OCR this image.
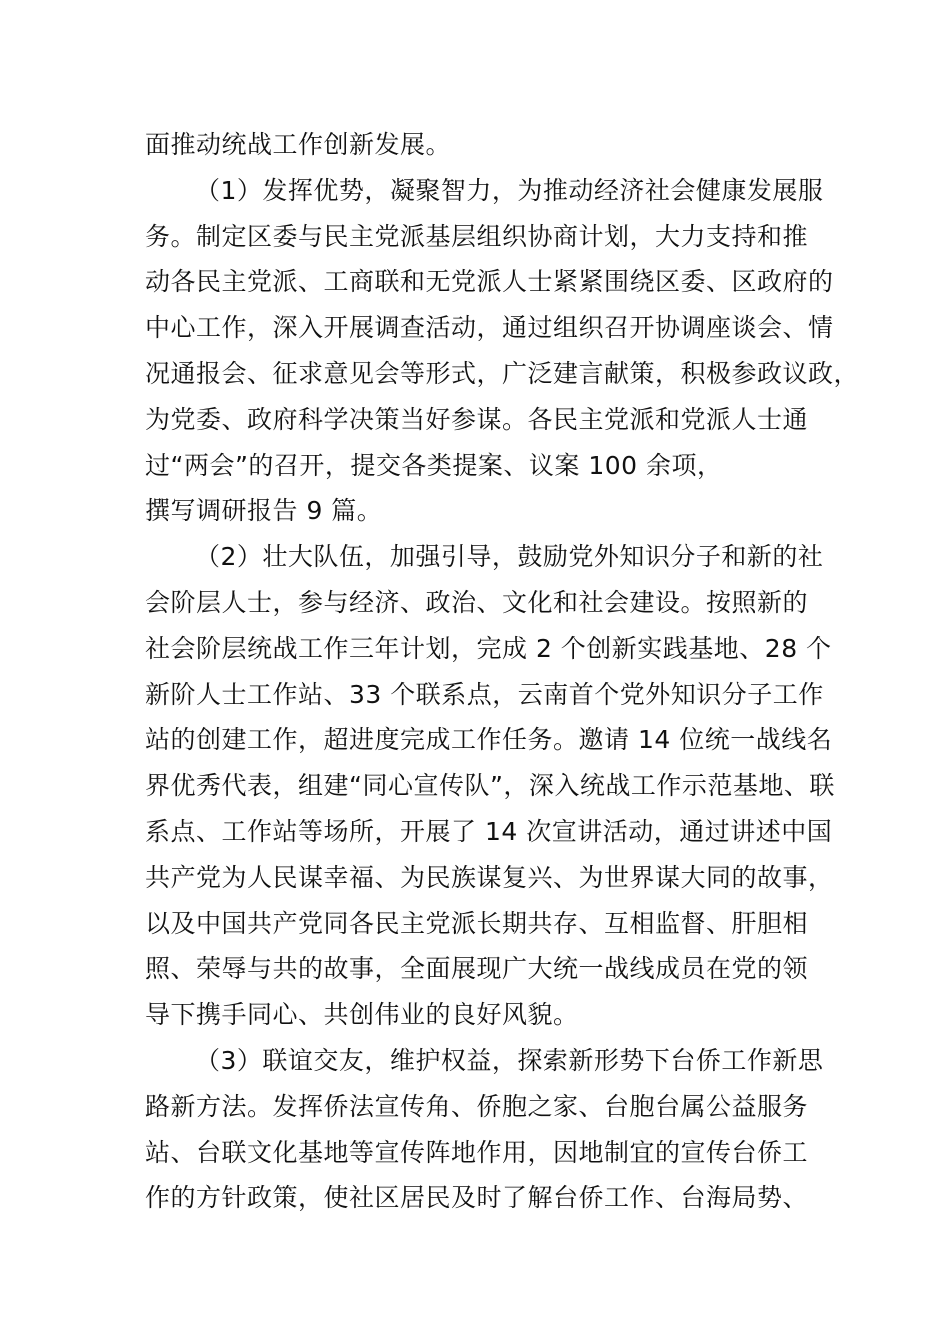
面推动统战工作创新发展。
（1）发挥优势，凝聚智力，为推动经济社会健康发展服
务。制定区委与民主党派基层组织协商计划，大力支持和推
动各民主党派、工商联和无党派人士紧紧围绕区委、区政府的
中心工作，深入开展调查活动，通过组织召开协调座谈会、情
况通报会、征求意见会等形式，广泛建言献策，积极参政议政，
为党委、政府科学决策当好参谋。各民主党派和党派人士通
过“两会”的召开，提交各类提案、议案 100 余项，
撰写调研报告 9 篇。
（2）壮大队伍，加强引导，鼓励党外知识分子和新的社
会阶层人士，参与经济、政治、文化和社会建设。按照新的
社会阶层统战工作三年计划，完成 2 个创新实践基地、28 个
新阶人士工作站、33 个联系点，云南首个党外知识分子工作
站的创建工作，超进度完成工作任务。邀请 14 位统一战线名
界优秀代表，组建“同心宣传队”，深入统战工作示范基地、联
系点、工作站等场所，开展了 14 次宣讲活动，通过讲述中国
共产党为人民谋幸福、为民族谋复兴、为世界谋大同的故事，
以及中国共产党同各民主党派长期共存、互相监督、肝胆相
照、荣辱与共的故事，全面展现广大统一战线成员在党的领
导下携手同心、共创伟业的良好风貌。
（3）联谊交友，维护权益，探索新形势下台侨工作新思
路新方法。发挥侨法宣传角、侨胞之家、台胞台属公益服务
站、台联文化基地等宣传阵地作用，因地制宜的宣传台侨工
作的方针政策，使社区居民及时了解台侨工作、台海局势、
